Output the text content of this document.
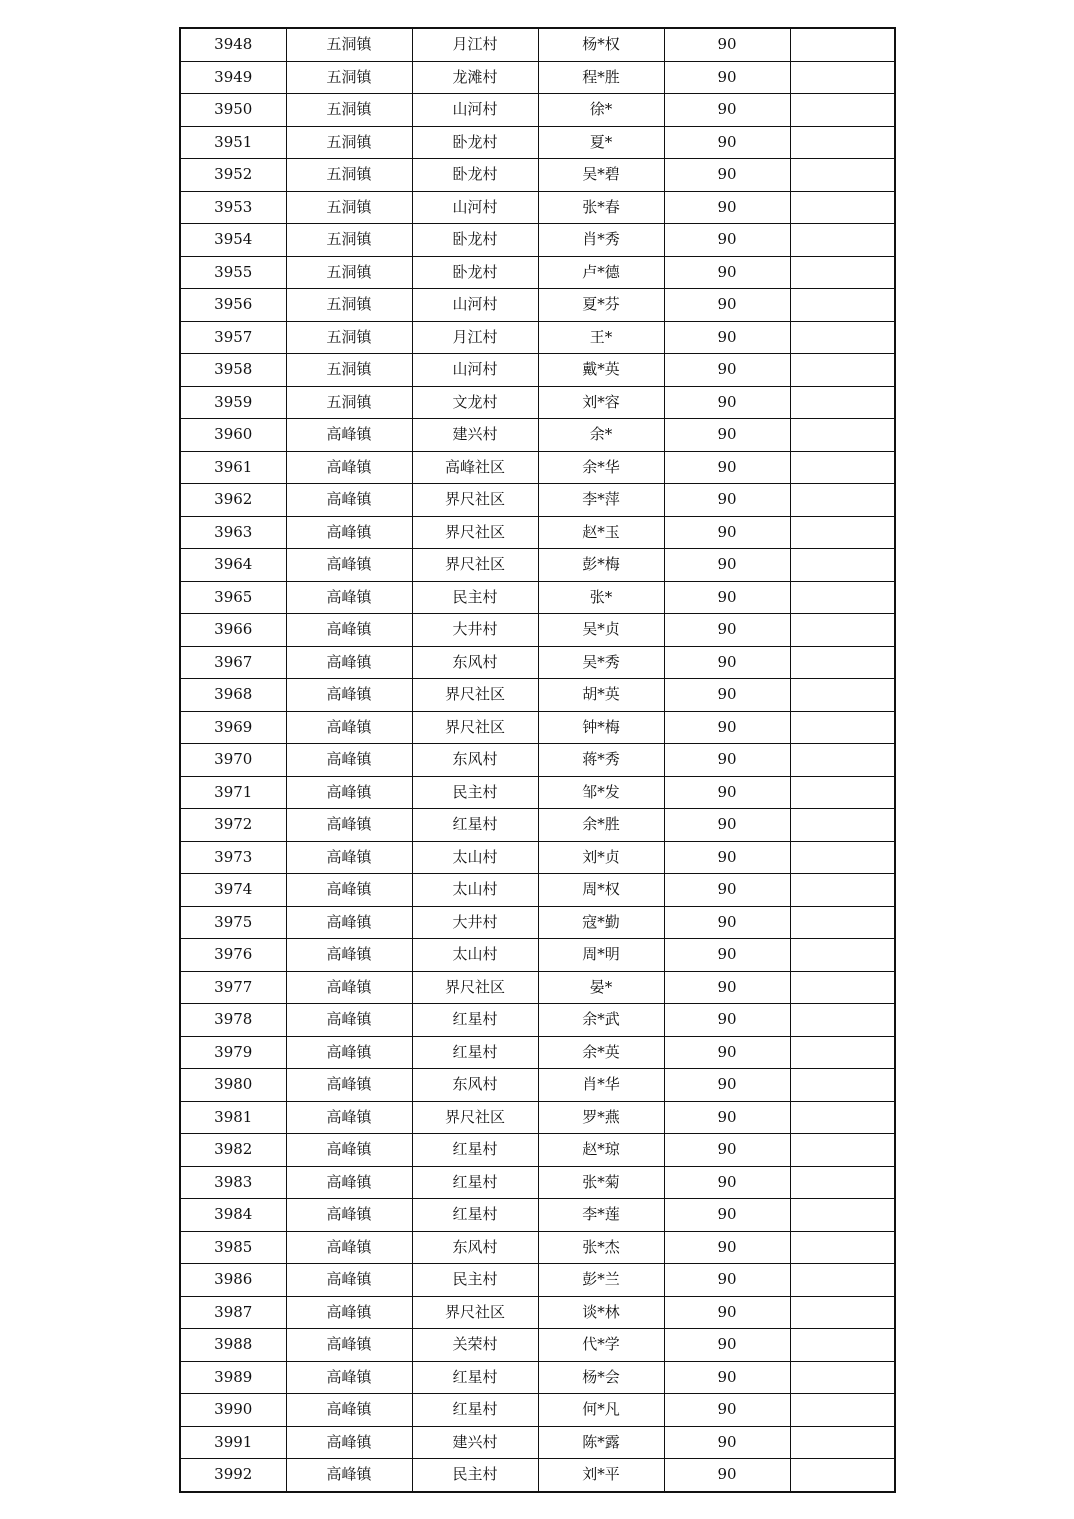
3948	五洞镇	月江村	杨*权	90	
3949	五洞镇	龙滩村	程*胜	90	
3950	五洞镇	山河村	徐*	90	
3951	五洞镇	卧龙村	夏*	90	
3952	五洞镇	卧龙村	吴*碧	90	
3953	五洞镇	山河村	张*春	90	
3954	五洞镇	卧龙村	肖*秀	90	
3955	五洞镇	卧龙村	卢*德	90	
3956	五洞镇	山河村	夏*芬	90	
3957	五洞镇	月江村	王*	90	
3958	五洞镇	山河村	戴*英	90	
3959	五洞镇	文龙村	刘*容	90	
3960	高峰镇	建兴村	余*	90	
3961	高峰镇	高峰社区	余*华	90	
3962	高峰镇	界尺社区	李*萍	90	
3963	高峰镇	界尺社区	赵*玉	90	
3964	高峰镇	界尺社区	彭*梅	90	
3965	高峰镇	民主村	张*	90	
3966	高峰镇	大井村	吴*贞	90	
3967	高峰镇	东风村	吴*秀	90	
3968	高峰镇	界尺社区	胡*英	90	
3969	高峰镇	界尺社区	钟*梅	90	
3970	高峰镇	东风村	蒋*秀	90	
3971	高峰镇	民主村	邹*发	90	
3972	高峰镇	红星村	余*胜	90	
3973	高峰镇	太山村	刘*贞	90	
3974	高峰镇	太山村	周*权	90	
3975	高峰镇	大井村	寇*勤	90	
3976	高峰镇	太山村	周*明	90	
3977	高峰镇	界尺社区	晏*	90	
3978	高峰镇	红星村	余*武	90	
3979	高峰镇	红星村	余*英	90	
3980	高峰镇	东风村	肖*华	90	
3981	高峰镇	界尺社区	罗*燕	90	
3982	高峰镇	红星村	赵*琼	90	
3983	高峰镇	红星村	张*菊	90	
3984	高峰镇	红星村	李*莲	90	
3985	高峰镇	东风村	张*杰	90	
3986	高峰镇	民主村	彭*兰	90	
3987	高峰镇	界尺社区	谈*林	90	
3988	高峰镇	关荣村	代*学	90	
3989	高峰镇	红星村	杨*会	90	
3990	高峰镇	红星村	何*凡	90	
3991	高峰镇	建兴村	陈*露	90	
3992	高峰镇	民主村	刘*平	90	
